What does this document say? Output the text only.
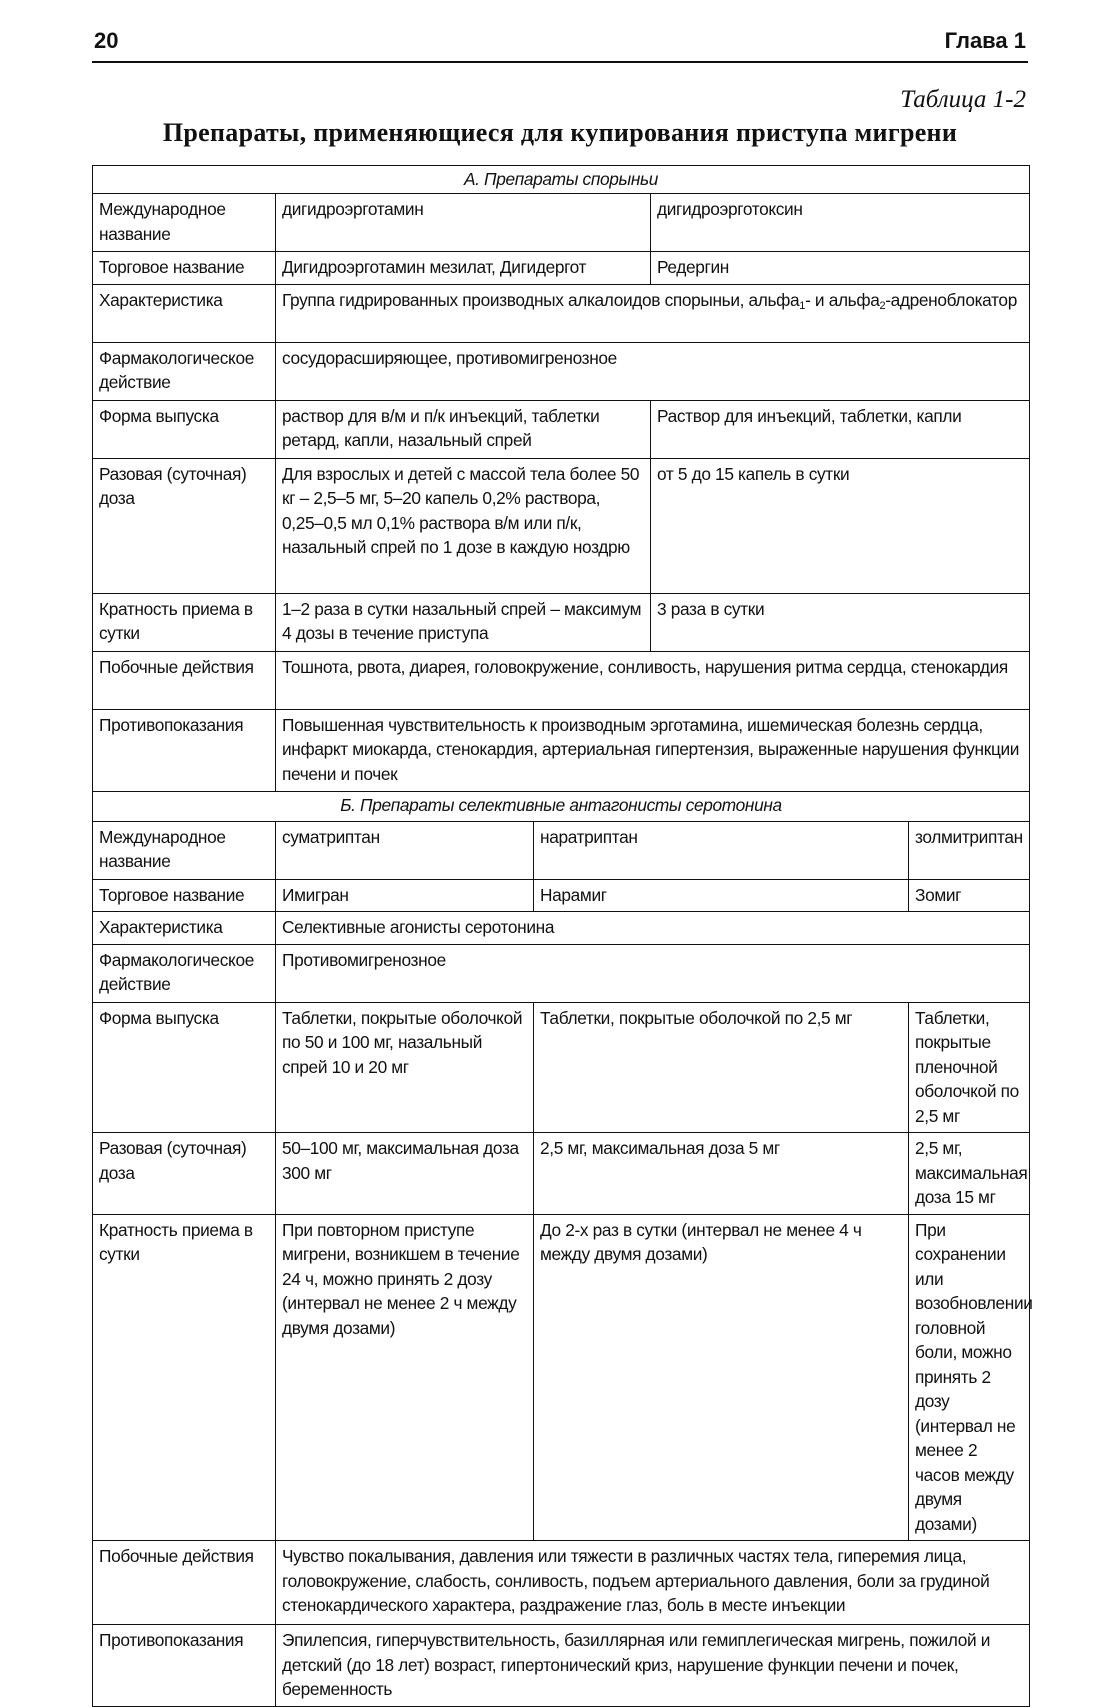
20	Глава 1
Таблица 1-2
Препараты, применяющиеся для купирования приступа мигрени
А. Препараты спорыньи				
Международное название	дигидроэрготамин		дигидроэрготоксин	
Торговое название	Дигидроэрготамин мезилат, Дигидергот		Редергин	
Характеристика	Группа гидрированных производных алкалоидов спорыньи, альфа1- и альфа2-адреноблокатор			
Фармакологическое действие	сосудорасширяющее, противомигренозное			
Форма выпуска	раствор для в/м и п/к инъекций, таблетки ретард, капли, назальный спрей		Раствор для инъекций, таблетки, капли	
Разовая (суточная) доза	Для взрослых и детей с массой тела более 50 кг – 2,5–5 мг, 5–20 капель 0,2% раствора, 0,25–0,5 мл 0,1% раствора в/м или п/к, назальный спрей по 1 дозе в каждую ноздрю		от 5 до 15 капель в сутки	
Кратность приема в сутки	1–2 раза в сутки назальный спрей – максимум 4 дозы в течение приступа		3 раза в сутки	
Побочные действия	Тошнота, рвота, диарея, головокружение, сонливость, нарушения ритма сердца, стенокардия			
Противопоказания	Повышенная чувствительность к производным эрготамина, ишемическая болезнь сердца, инфаркт миокарда, стенокардия, артериальная гипертензия, выраженные нарушения функции печени и почек			
Б. Препараты селективные антагонисты серотонина				
Международное название	суматриптан	наратриптан		золмитриптан
Торговое название	Имигран	Нарамиг		Зомиг
Характеристика	Селективные агонисты серотонина			
Фармакологическое действие	Противомигренозное			
Форма выпуска	Таблетки, покрытые оболочкой по 50 и 100 мг, назальный спрей 10 и 20 мг	Таблетки, покрытые оболочкой по 2,5 мг		Таблетки, покрытые пленочной оболочкой по 2,5 мг
Разовая (суточная) доза	50–100 мг, максимальная доза 300 мг	2,5 мг, максимальная доза 5 мг		2,5 мг, максимальная доза 15 мг
Кратность приема в сутки	При повторном приступе мигрени, возникшем в течение 24 ч, можно принять 2 дозу (интервал не менее 2 ч между двумя дозами)	До 2-х раз в сутки (интервал не менее 4 ч между двумя дозами)		При сохранении или возобновлении головной боли, можно принять 2 дозу (интервал не менее 2 часов между двумя дозами)
Побочные действия	Чувство покалывания, давления или тяжести в различных частях тела, гиперемия лица, головокружение, слабость, сонливость, подъем артериального давления, боли за грудиной стенокардического характера, раздражение глаз, боль в месте инъекции			
Противопоказания	Эпилепсия, гиперчувствительность, базиллярная или гемиплегическая мигрень, пожилой и детский (до 18 лет) возраст, гипертонический криз, нарушение функции печени и почек, беременность			
